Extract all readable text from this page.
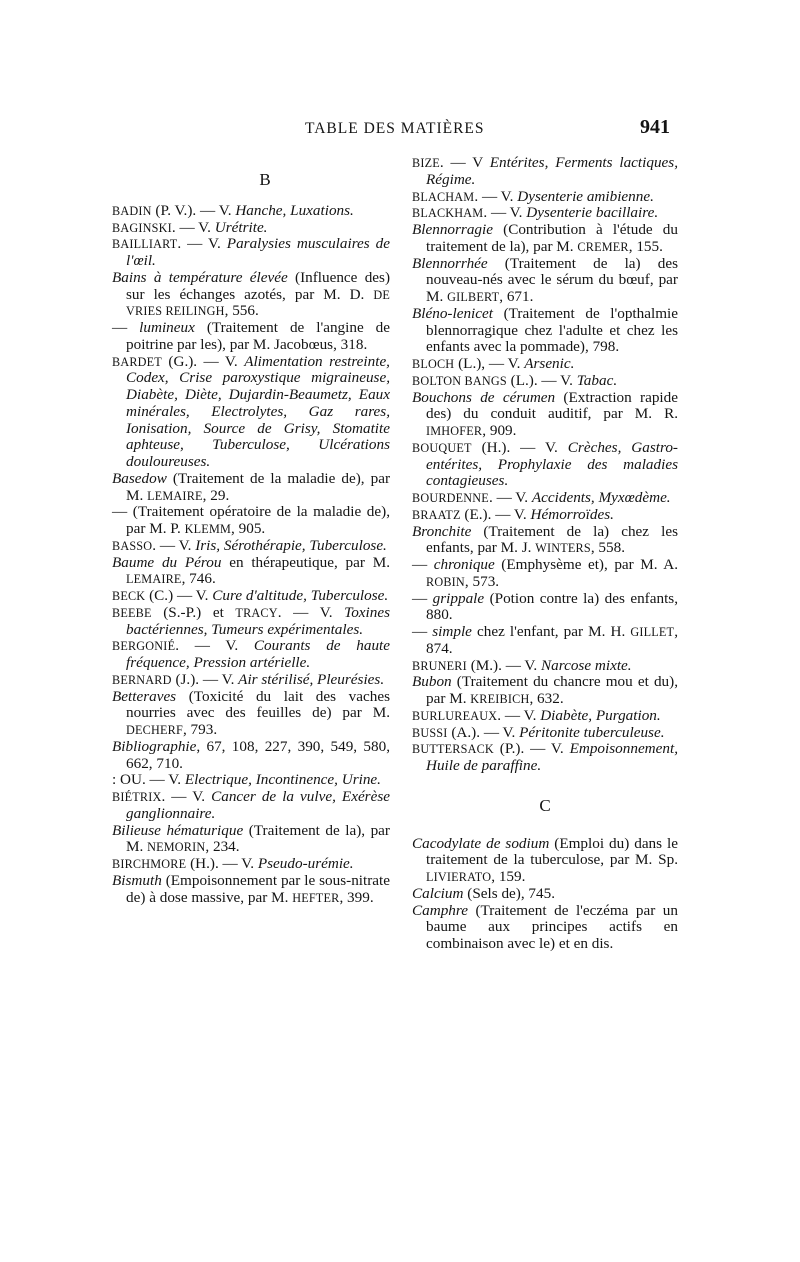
TABLE DES MATIÈRES	941
B

BADIN (P. V.). — V. Hanche, Luxations.

BAGINSKI. — V. Urétrite.

BAILLIART. — V. Paralysies musculaires de l'œil.

Bains à température élevée (Influence des) sur les échanges azotés, par M. D. DE VRIES REILINGH, 556.

— lumineux (Traitement de l'angine de poitrine par les), par M. Jacobœus, 318.

BARDET (G.). — V. Alimentation restreinte, Codex, Crise paroxystique migraineuse, Diabète, Diète, Dujardin-Beaumetz, Eaux minérales, Electrolytes, Gaz rares, Ionisation, Source de Grisy, Stomatite aphteuse, Tuberculose, Ulcérations douloureuses.

Basedow (Traitement de la maladie de), par M. LEMAIRE, 29.

— (Traitement opératoire de la maladie de), par M. P. KLEMM, 905.

BASSO. — V. Iris, Sérothérapie, Tuberculose.

Baume du Pérou en thérapeutique, par M. LEMAIRE, 746.

BECK (C.) — V. Cure d'altitude, Tuberculose.

BEEBE (S.-P.) et TRACY. — V. Toxines bactériennes, Tumeurs expérimentales.

BERGONIÉ. — V. Courants de haute fréquence, Pression artérielle.

BERNARD (J.). — V. Air stérilisé, Pleurésies.

Betteraves (Toxicité du lait des vaches nourries avec des feuilles de) par M. DECHERF, 793.

Bibliographie, 67, 108, 227, 390, 549, 580, 662, 710.

: OU. — V. Electrique, Incontinence, Urine.

BIÉTRIX. — V. Cancer de la vulve, Exérèse ganglionnaire.

Bilieuse hématurique (Traitement de la), par M. NEMORIN, 234.

BIRCHMORE (H.). — V. Pseudo-urémie.

Bismuth (Empoisonnement par le sous-nitrate de) à dose massive, par M. HEFTER, 399.

BIZE. — V Entérites, Ferments lactiques, Régime.

BLACHAM. — V. Dysenterie amibienne.

BLACKHAM. — V. Dysenterie bacillaire.

Blennorragie (Contribution à l'étude du traitement de la), par M. CREMER, 155.

Blennorrhée (Traitement de la) des nouveau-nés avec le sérum du bœuf, par M. GILBERT, 671.

Bléno-lenicet (Traitement de l'opthalmie blennorragique chez l'adulte et chez les enfants avec la pommade), 798.

BLOCH (L.), — V. Arsenic.

BOLTON BANGS (L.). — V. Tabac.

Bouchons de cérumen (Extraction rapide des) du conduit auditif, par M. R. IMHOFER, 909.

BOUQUET (H.). — V. Crèches, Gastro-entérites, Prophylaxie des maladies contagieuses.

BOURDENNE. — V. Accidents, Myxœdème.

BRAATZ (E.). — V. Hémorroïdes.

Bronchite (Traitement de la) chez les enfants, par M. J. WINTERS, 558.

— chronique (Emphysème et), par M. A. ROBIN, 573.

— grippale (Potion contre la) des enfants, 880.

— simple chez l'enfant, par M. H. GILLET, 874.

BRUNERI (M.). — V. Narcose mixte.

Bubon (Traitement du chancre mou et du), par M. KREIBICH, 632.

BURLUREAUX. — V. Diabète, Purgation.

BUSSI (A.). — V. Péritonite tuberculeuse.

BUTTERSACK (P.). — V. Empoisonnement, Huile de paraffine.

C

Cacodylate de sodium (Emploi du) dans le traitement de la tuberculose, par M. Sp. LIVIERATO, 159.

Calcium (Sels de), 745.

Camphre (Traitement de l'eczéma par un baume aux principes actifs en combinaison avec le) et en dis.
